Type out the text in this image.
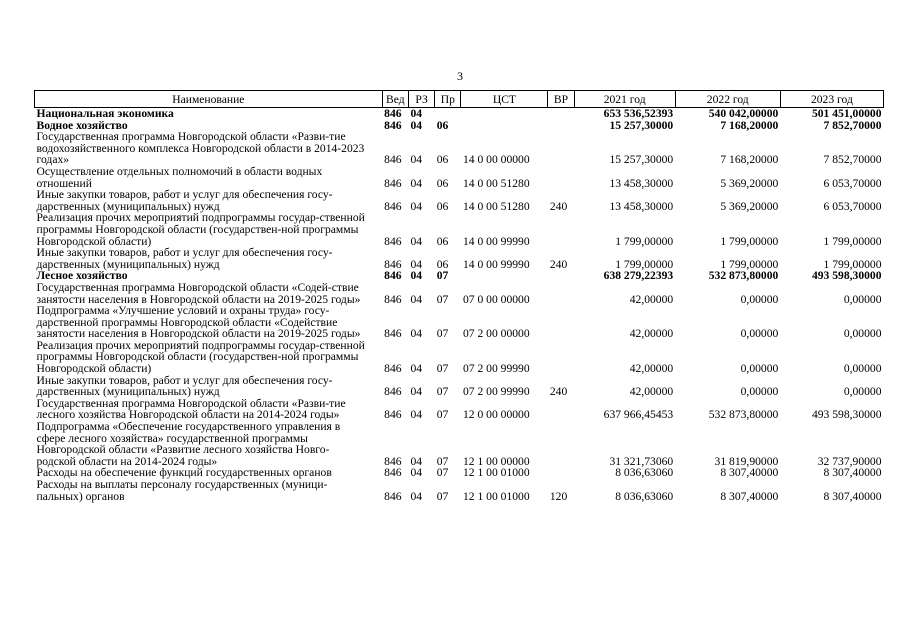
3
Наименование	Вед	РЗ	Пр	ЦСТ	ВР	2021 год	2022 год	2023 год
Национальная экономика	846	04				653 536,52393	540 042,00000	501 451,00000
Водное хозяйство	846	04	06			15 257,30000	7 168,20000	7 852,70000
Государственная программа Новгородской области «Разви-тие водохозяйственного комплекса Новгородской области в 2014-2023 годах»	846	04	06	14 0 00 00000		15 257,30000	7 168,20000	7 852,70000
Осуществление отдельных полномочий в области водных отношений	846	04	06	14 0 00 51280		13 458,30000	5 369,20000	6 053,70000
Иные закупки товаров, работ и услуг для обеспечения госу-дарственных (муниципальных) нужд	846	04	06	14 0 00 51280	240	13 458,30000	5 369,20000	6 053,70000
Реализация прочих мероприятий подпрограммы государ-ственной программы Новгородской области (государствен-ной программы Новгородской области)	846	04	06	14 0 00 99990		1 799,00000	1 799,00000	1 799,00000
Иные закупки товаров, работ и услуг для обеспечения госу-дарственных (муниципальных) нужд	846	04	06	14 0 00 99990	240	1 799,00000	1 799,00000	1 799,00000
Лесное хозяйство	846	04	07			638 279,22393	532 873,80000	493 598,30000
Государственная программа Новгородской области «Содей-ствие занятости населения в Новгородской области на 2019-2025 годы»	846	04	07	07 0 00 00000		42,00000	0,00000	0,00000
Подпрограмма «Улучшение условий и охраны труда» госу-дарственной программы Новгородской области «Содействие занятости населения в Новгородской области на 2019-2025 годы»	846	04	07	07 2 00 00000		42,00000	0,00000	0,00000
Реализация прочих мероприятий подпрограммы государ-ственной программы Новгородской области (государствен-ной программы Новгородской области)	846	04	07	07 2 00 99990		42,00000	0,00000	0,00000
Иные закупки товаров, работ и услуг для обеспечения госу-дарственных (муниципальных) нужд	846	04	07	07 2 00 99990	240	42,00000	0,00000	0,00000
Государственная программа Новгородской области «Разви-тие лесного хозяйства Новгородской области на 2014-2024 годы»	846	04	07	12 0 00 00000		637 966,45453	532 873,80000	493 598,30000
Подпрограмма «Обеспечение государственного управления в сфере лесного хозяйства» государственной программы Новгородской области «Развитие лесного хозяйства Новго-родской области на 2014-2024 годы»	846	04	07	12 1 00 00000		31 321,73060	31 819,90000	32 737,90000
Расходы на обеспечение функций государственных органов	846	04	07	12 1 00 01000		8 036,63060	8 307,40000	8 307,40000
Расходы на выплаты персоналу государственных (муници-пальных) органов	846	04	07	12 1 00 01000	120	8 036,63060	8 307,40000	8 307,40000
